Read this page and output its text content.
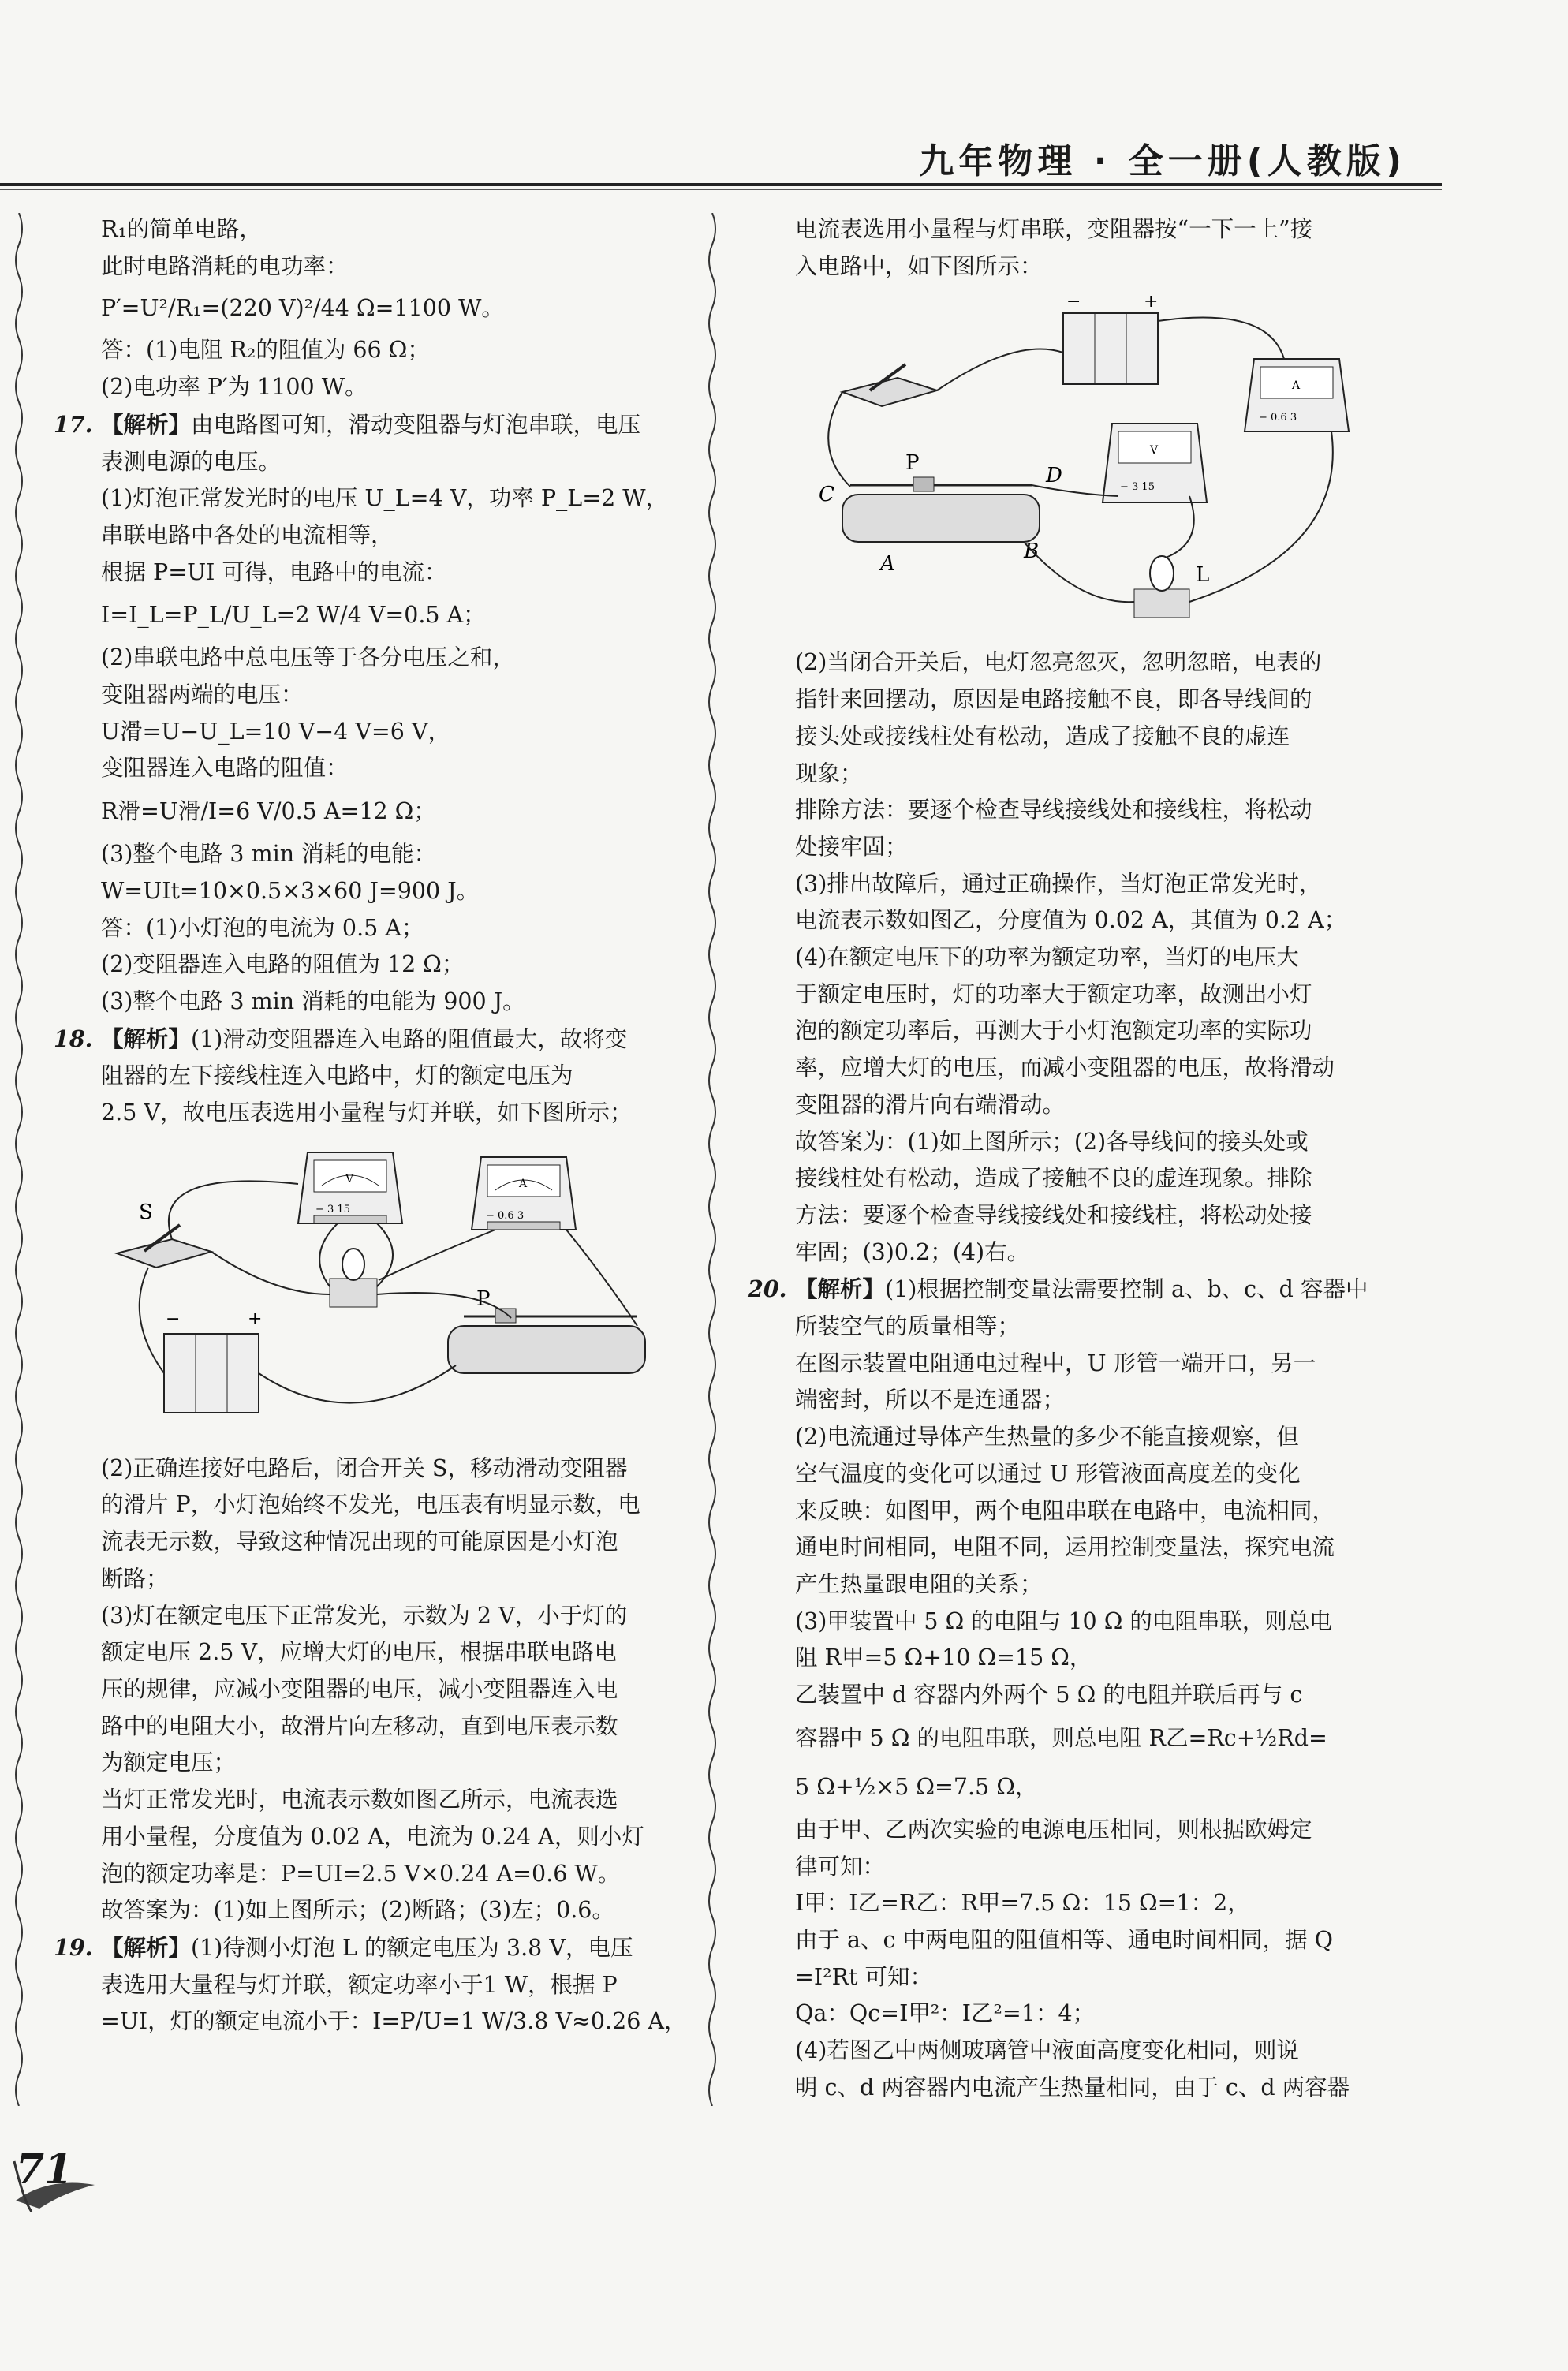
九年物理 · 全一册(人教版)

R₁的简单电路，

此时电路消耗的电功率：

P′=U²/R₁=(220 V)²/44 Ω=1100 W。

答：(1)电阻 R₂的阻值为 66 Ω；

(2)电功率 P′为 1100 W。

17. 【解析】由电路图可知，滑动变阻器与灯泡串联，电压

表测电源的电压。

(1)灯泡正常发光时的电压 U_L=4 V，功率 P_L=2 W，

串联电路中各处的电流相等，

根据 P=UI 可得，电路中的电流：

I=I_L=P_L/U_L=2 W/4 V=0.5 A；

(2)串联电路中总电压等于各分电压之和，

变阻器两端的电压：

U滑=U−U_L=10 V−4 V=6 V，

变阻器连入电路的阻值：

R滑=U滑/I=6 V/0.5 A=12 Ω；

(3)整个电路 3 min 消耗的电能：

W=UIt=10×0.5×3×60 J=900 J。

答：(1)小灯泡的电流为 0.5 A；

(2)变阻器连入电路的阻值为 12 Ω；

(3)整个电路 3 min 消耗的电能为 900 J。

18. 【解析】(1)滑动变阻器连入电路的阻值最大，故将变

阻器的左下接线柱连入电路中，灯的额定电压为

2.5 V，故电压表选用小量程与灯并联，如下图所示；

V
− 3 15
A
− 0.6 3
S
−	+
P

(2)正确连接好电路后，闭合开关 S，移动滑动变阻器

的滑片 P，小灯泡始终不发光，电压表有明显示数，电

流表无示数，导致这种情况出现的可能原因是小灯泡

断路；

(3)灯在额定电压下正常发光，示数为 2 V，小于灯的

额定电压 2.5 V，应增大灯的电压，根据串联电路电

压的规律，应减小变阻器的电压，减小变阻器连入电

路中的电阻大小，故滑片向左移动，直到电压表示数

为额定电压；

当灯正常发光时，电流表示数如图乙所示，电流表选

用小量程，分度值为 0.02 A，电流为 0.24 A，则小灯

泡的额定功率是：P=UI=2.5 V×0.24 A=0.6 W。

故答案为：(1)如上图所示；(2)断路；(3)左；0.6。

19. 【解析】(1)待测小灯泡 L 的额定电压为 3.8 V，电压

表选用大量程与灯并联，额定功率小于1 W，根据 P

=UI，灯的额定电流小于：I=P/U=1 W/3.8 V≈0.26 A，

电流表选用小量程与灯串联，变阻器按“一下一上”接

入电路中，如下图所示：

−	+
A
− 0.6 3
V
− 3 15
P
C
D
A
B
L

(2)当闭合开关后，电灯忽亮忽灭，忽明忽暗，电表的

指针来回摆动，原因是电路接触不良，即各导线间的

接头处或接线柱处有松动，造成了接触不良的虚连

现象；

排除方法：要逐个检查导线接线处和接线柱，将松动

处接牢固；

(3)排出故障后，通过正确操作，当灯泡正常发光时，

电流表示数如图乙，分度值为 0.02 A，其值为 0.2 A；

(4)在额定电压下的功率为额定功率，当灯的电压大

于额定电压时，灯的功率大于额定功率，故测出小灯

泡的额定功率后，再测大于小灯泡额定功率的实际功

率，应增大灯的电压，而减小变阻器的电压，故将滑动

变阻器的滑片向右端滑动。

故答案为：(1)如上图所示；(2)各导线间的接头处或

接线柱处有松动，造成了接触不良的虚连现象。排除

方法：要逐个检查导线接线处和接线柱，将松动处接

牢固；(3)0.2；(4)右。

20. 【解析】(1)根据控制变量法需要控制 a、b、c、d 容器中

所装空气的质量相等；

在图示装置电阻通电过程中，U 形管一端开口，另一

端密封，所以不是连通器；

(2)电流通过导体产生热量的多少不能直接观察，但

空气温度的变化可以通过 U 形管液面高度差的变化

来反映：如图甲，两个电阻串联在电路中，电流相同，

通电时间相同，电阻不同，运用控制变量法，探究电流

产生热量跟电阻的关系；

(3)甲装置中 5 Ω 的电阻与 10 Ω 的电阻串联，则总电

阻 R甲=5 Ω+10 Ω=15 Ω，

乙装置中 d 容器内外两个 5 Ω 的电阻并联后再与 c

容器中 5 Ω 的电阻串联，则总电阻 R乙=Rc+½Rd=

5 Ω+½×5 Ω=7.5 Ω，

由于甲、乙两次实验的电源电压相同，则根据欧姆定

律可知：

I甲：I乙=R乙：R甲=7.5 Ω：15 Ω=1：2，

由于 a、c 中两电阻的阻值相等、通电时间相同，据 Q

=I²Rt 可知：

Qa：Qc=I甲²：I乙²=1：4；

(4)若图乙中两侧玻璃管中液面高度变化相同，则说

明 c、d 两容器内电流产生热量相同，由于 c、d 两容器

71
